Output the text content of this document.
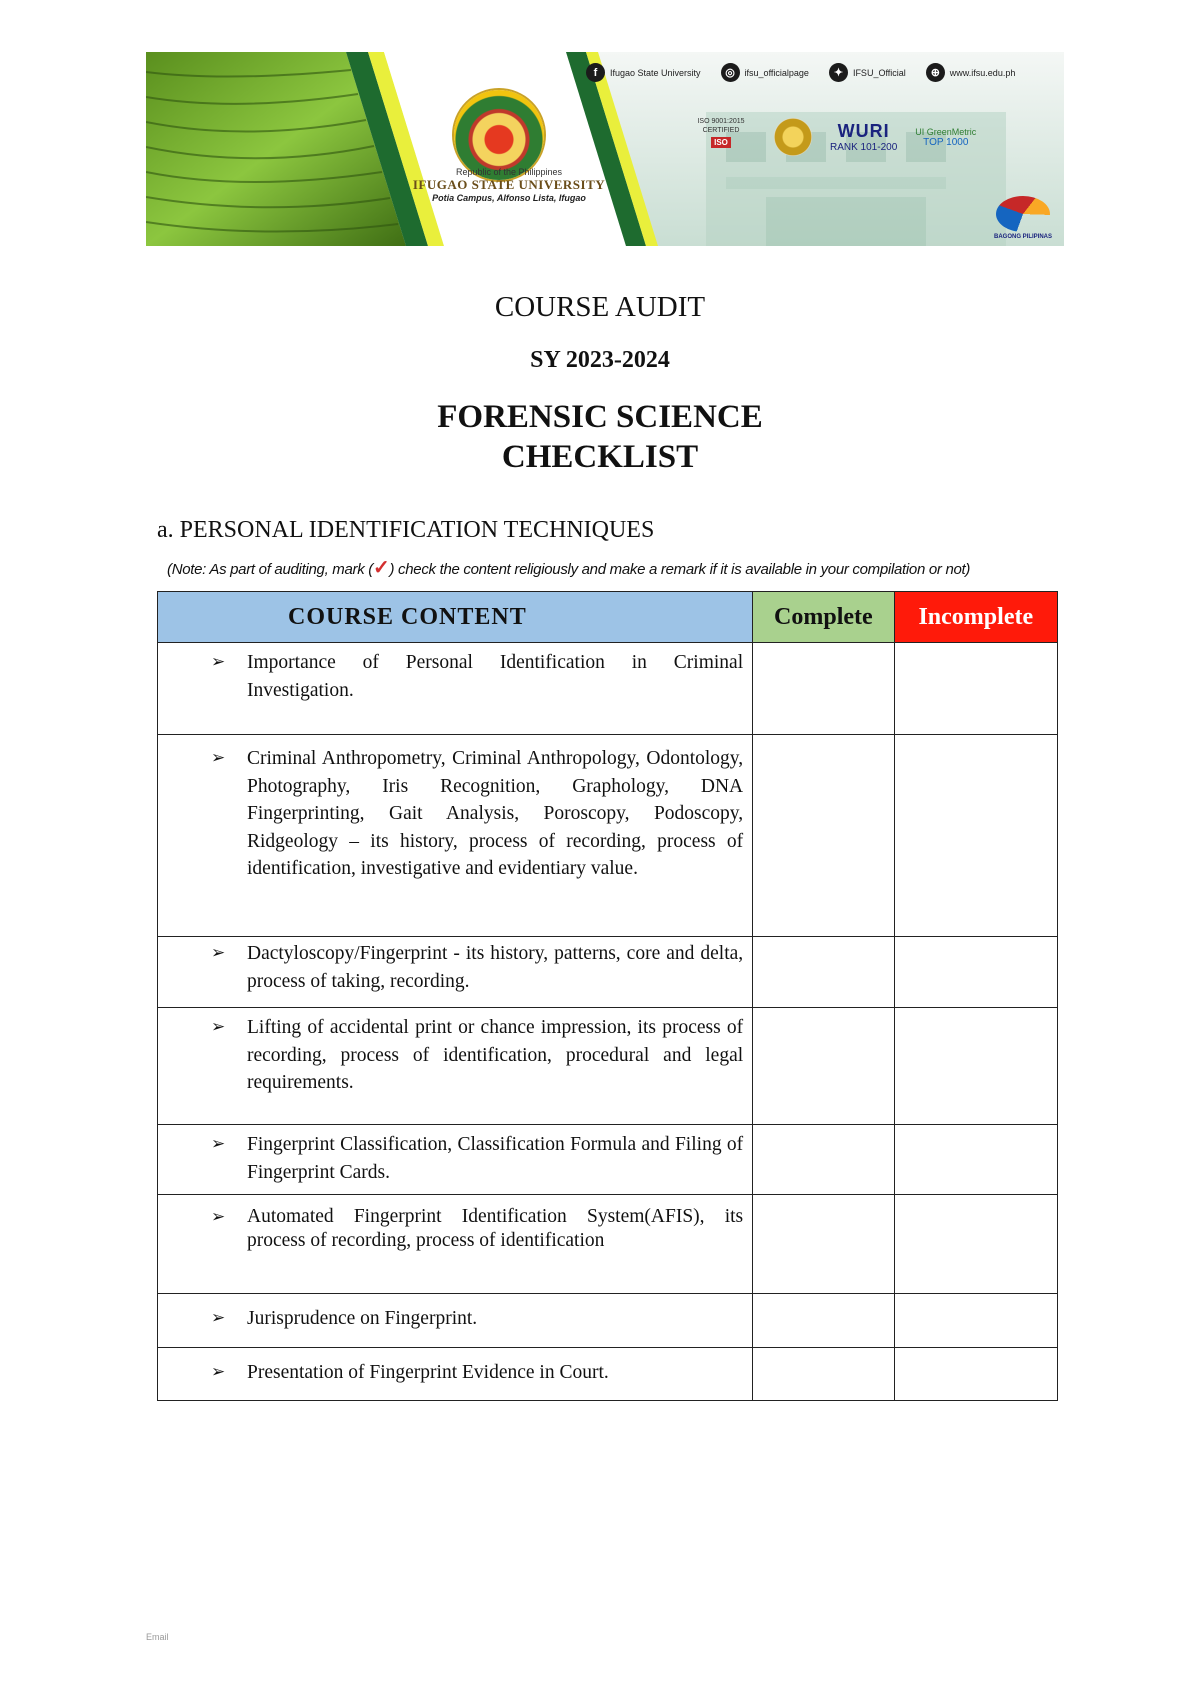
f	Ifugao State University	◎	ifsu_officialpage	✦	IFSU_Official	⊕	www.ifsu.edu.ph
Republic of the Philippines
IFUGAO STATE UNIVERSITY
Potia Campus, Alfonso Lista, Ifugao
ISO 9001:2015
CERTIFIED
ISO
WURI
RANK 101-200
UI GreenMetric
TOP 1000
BAGONG PILIPINAS
COURSE AUDIT
SY 2023-2024
FORENSIC SCIENCE
CHECKLIST
a. PERSONAL IDENTIFICATION TECHNIQUES
(Note: As part of auditing, mark (✓) check the content religiously and make a remark if it is available in your compilation or not)
COURSE CONTENT	Complete	Incomplete

➢ Importance of Personal Identification in Criminal Investigation.		

➢ Criminal Anthropometry, Criminal Anthropology, Odontology, Photography, Iris Recognition, Graphology, DNA Fingerprinting, Gait Analysis, Poroscopy, Podoscopy, Ridgeology – its history, process of recording, process of identification, investigative and evidentiary value.		

➢ Dactyloscopy/Fingerprint - its history, patterns, core and delta, process of taking, recording.		

➢ Lifting of accidental print or chance impression, its process of recording, process of identification, procedural and legal requirements.		

➢ Fingerprint Classification, Classification Formula and Filing of Fingerprint Cards.		

➢ Automated Fingerprint Identification System(AFIS), its process of recording, process of identification		

➢ Jurisprudence on Fingerprint.		

➢ Presentation of Fingerprint Evidence in Court.		

Email
